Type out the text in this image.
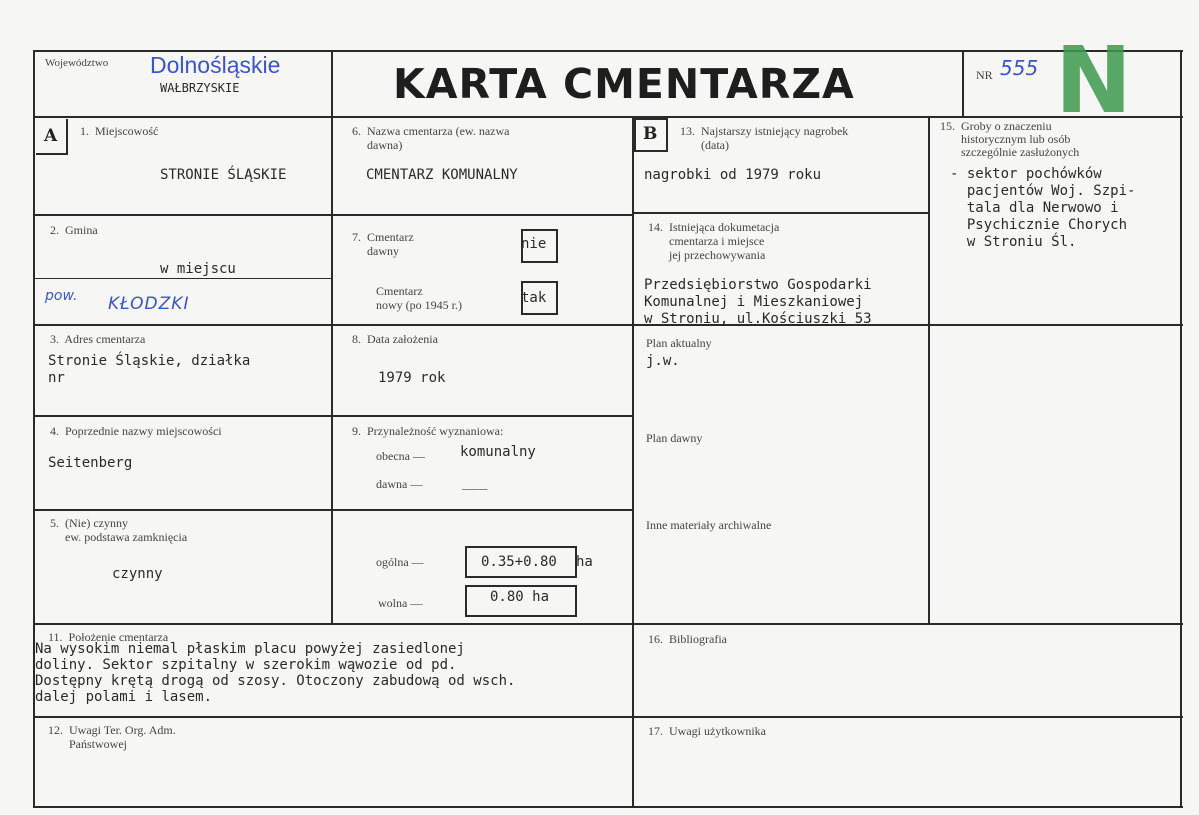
Województwo Dolnośląskie
WAŁBRZYSKIE	KARTA CMENTARZA	NR 555 N
A 1.  Miejscowość
STRONIE ŚLĄSKIE
2.  Gmina
w miejscu
pow. KŁODZKI
3.  Adres cmentarza
Stronie Śląskie, działka
nr
4.  Poprzednie nazwy miejscowości
Seitenberg
5.  (Nie) czynny
ew. podstawa zamknięcia
czynny
6.  Nazwa cmentarza (ew. nazwa
dawna)
CMENTARZ KOMUNALNY
7.  Cmentarz
dawny	nie
Cmentarz
nowy (po 1945 r.)	tak
8.  Data założenia
1979 rok
9.  Przynależność wyznaniowa:
obecna —	komunalny
dawna —	___
ogólna —	0.35+0.80 ha
wolna —	0.80 ha
B 13.  Najstarszy istniejący nagrobek
(data)
nagrobki od 1979 roku
14.  Istniejąca dokumetacja
cmentarza i miejsce
jej przechowywania
Przedsiębiorstwo Gospodarki
Komunalnej i Mieszkaniowej
w Stroniu, ul.Kościuszki 53
Plan aktualny
j.w.
Plan dawny
Inne materiały archiwalne
15.  Groby o znaczeniu
historycznym lub osób
szczególnie zasłużonych
- sektor pochówków
pacjentów Woj. Szpi-
tala dla Nerwowo i
Psychicznie Chorych
w Stroniu Śl.
11.  Położenie cmentarza
Na wysokim niemal płaskim placu powyżej zasiedlonej
doliny. Sektor szpitalny w szerokim wąwozie od pd.
Dostępny krętą drogą od szosy. Otoczony zabudową od wsch.
dalej polami i lasem.
12.  Uwagi Ter. Org. Adm.
Państwowej
16.  Bibliografia
17.  Uwagi użytkownika
